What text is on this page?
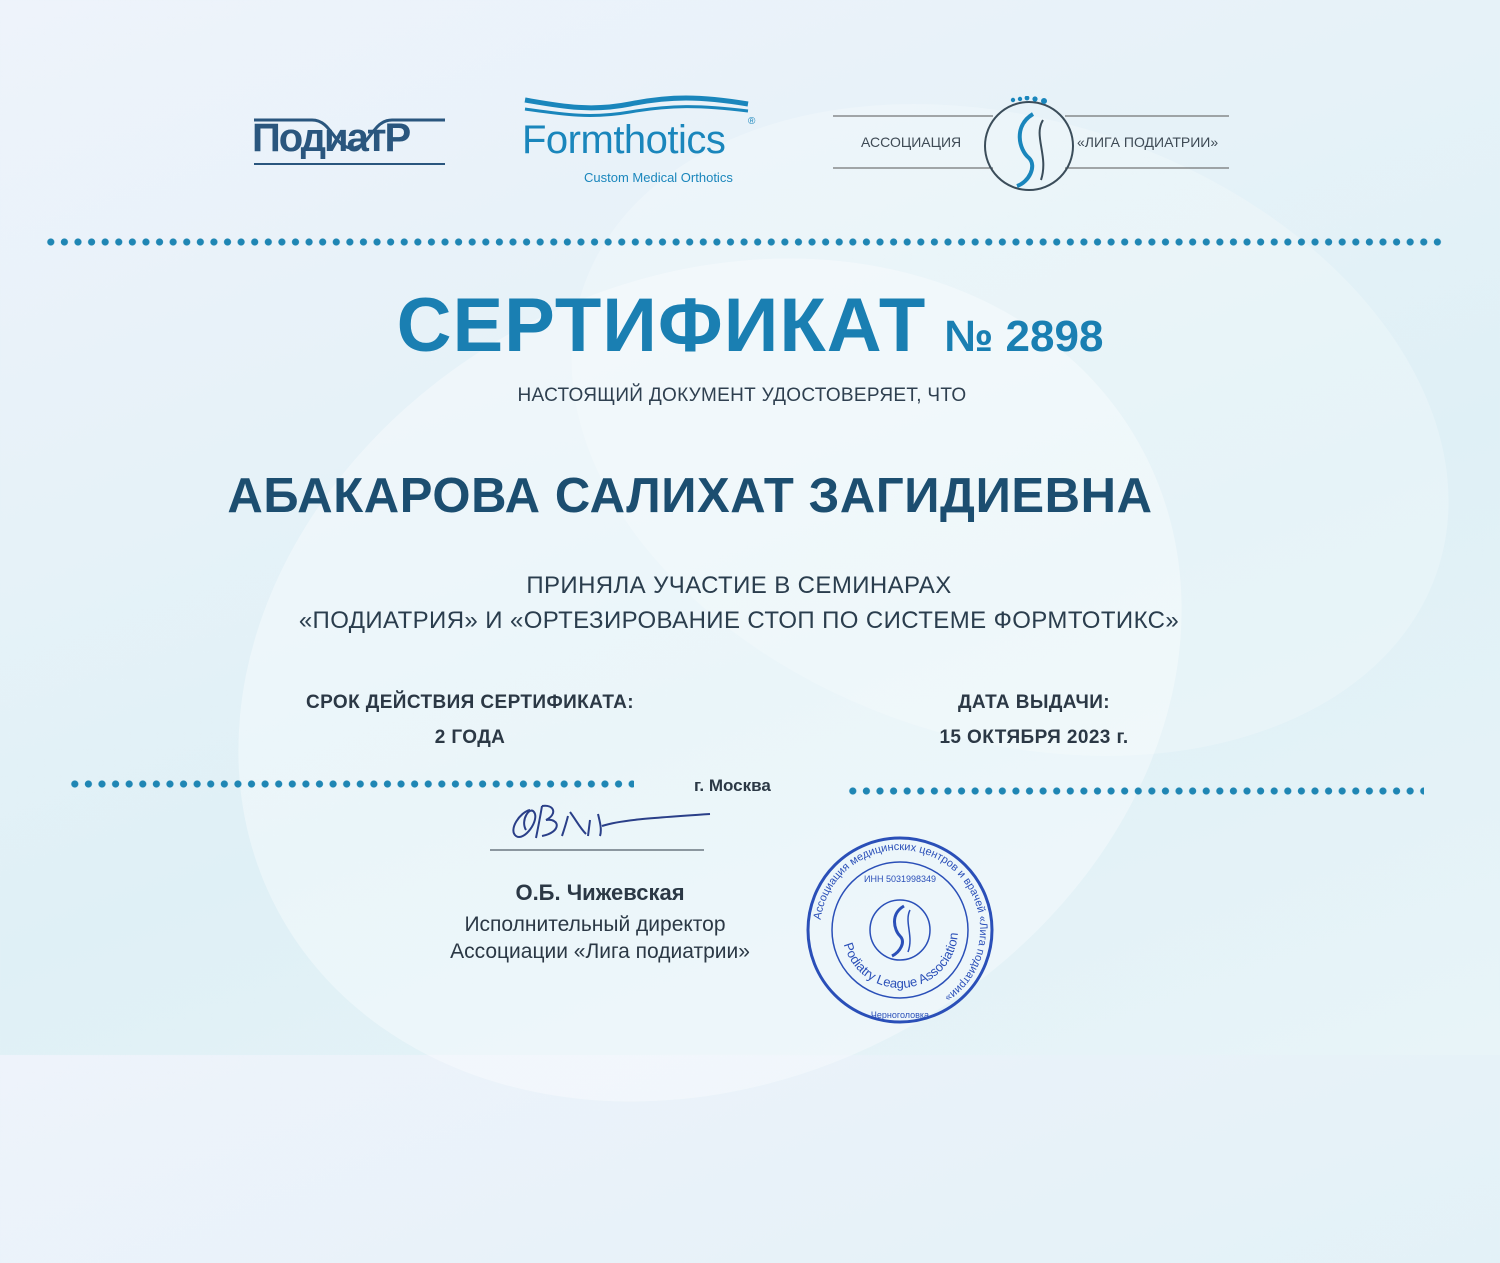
ПодиатР	Formthotics ®
Custom Medical Orthotics
АССОЦИАЦИЯ	«ЛИГА ПОДИАТРИИ»
СЕРТИФИКАТ № 2898
НАСТОЯЩИЙ ДОКУМЕНТ УДОСТОВЕРЯЕТ, ЧТО
АБАКАРОВА САЛИХАТ ЗАГИДИЕВНА
ПРИНЯЛА УЧАСТИЕ В СЕМИНАРАХ
«ПОДИАТРИЯ» И «ОРТЕЗИРОВАНИЕ СТОП ПО СИСТЕМЕ ФОРМТОТИКС»
СРОК ДЕЙСТВИЯ СЕРТИФИКАТА:
2 ГОДА
ДАТА ВЫДАЧИ:
15 ОКТЯБРЯ 2023 г.
г. Москва
О.Б. Чижевская
Исполнительный директор
Ассоциации «Лига подиатрии»
Ассоциация медицинских центров и врачей «Лига подиатрии»
ИНН 5031998349
Podiatry League Association
Черноголовка
